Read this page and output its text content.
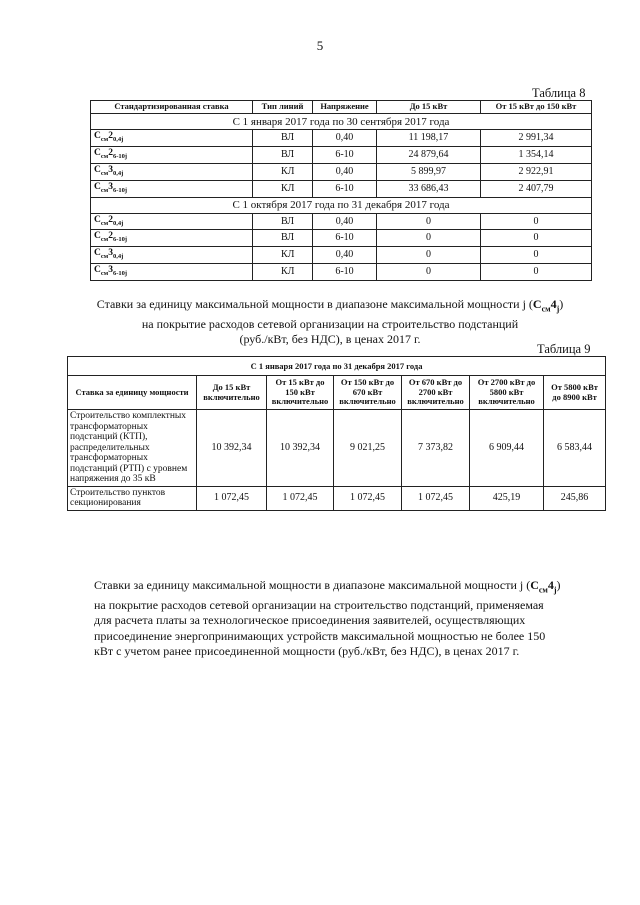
5
Таблица 8
Стандартизированная ставка	Тип линий	Напряжение	До 15 кВт	От 15 кВт до 150 кВт
С 1 января 2017 года по 30 сентября 2017 года				
$С_{см}2_{0,4j}$	ВЛ	0,40	11 198,17	2 991,34
$С_{см}2_{6-10j}$	ВЛ	6-10	24 879,64	1 354,14
$С_{см}3_{0,4j}$	КЛ	0,40	5 899,97	2 922,91
$С_{см}3_{6-10j}$	КЛ	6-10	33 686,43	2 407,79
С 1 октября 2017 года по 31 декабря 2017 года				
$С_{см}2_{0,4j}$	ВЛ	0,40	0	0
$С_{см}2_{6-10j}$	ВЛ	6-10	0	0
$С_{см}3_{0,4j}$	КЛ	0,40	0	0
$С_{см}3_{6-10j}$	КЛ	6-10	0	0
Ставки за единицу максимальной мощности в диапазоне максимальной мощности j $(С_{см}4_j)$
на покрытие расходов сетевой организации на строительство подстанций
(руб./кВт, без НДС), в ценах 2017 г.
Таблица 9
С 1 января 2017 года по 31 декабря 2017 года						
Ставка за единицу мощности	До 15 кВт включительно	От 15 кВт до 150 кВт включительно	От 150 кВт до 670 кВт включительно	От 670 кВт до 2700 кВт включительно	От 2700 кВт до 5800 кВт включительно	От 5800 кВт до 8900 кВт
Строительство комплектных трансформаторных подстанций (КТП), распределительных трансформаторных подстанций (РТП) с уровнем напряжения до 35 кВ	10 392,34	10 392,34	9 021,25	7 373,82	6 909,44	6 583,44
Строительство пунктов секционирования	1 072,45	1 072,45	1 072,45	1 072,45	425,19	245,86
Ставки за единицу максимальной мощности в диапазоне максимальной мощности j $(С_{см}4_j)$
на покрытие расходов сетевой организации на строительство подстанций, применяемая
для расчета платы за технологическое присоединения заявителей, осуществляющих
присоединение энергопринимающих устройств максимальной мощностью не более 150
кВт с учетом ранее присоединенной мощности (руб./кВт, без НДС), в ценах 2017 г.
